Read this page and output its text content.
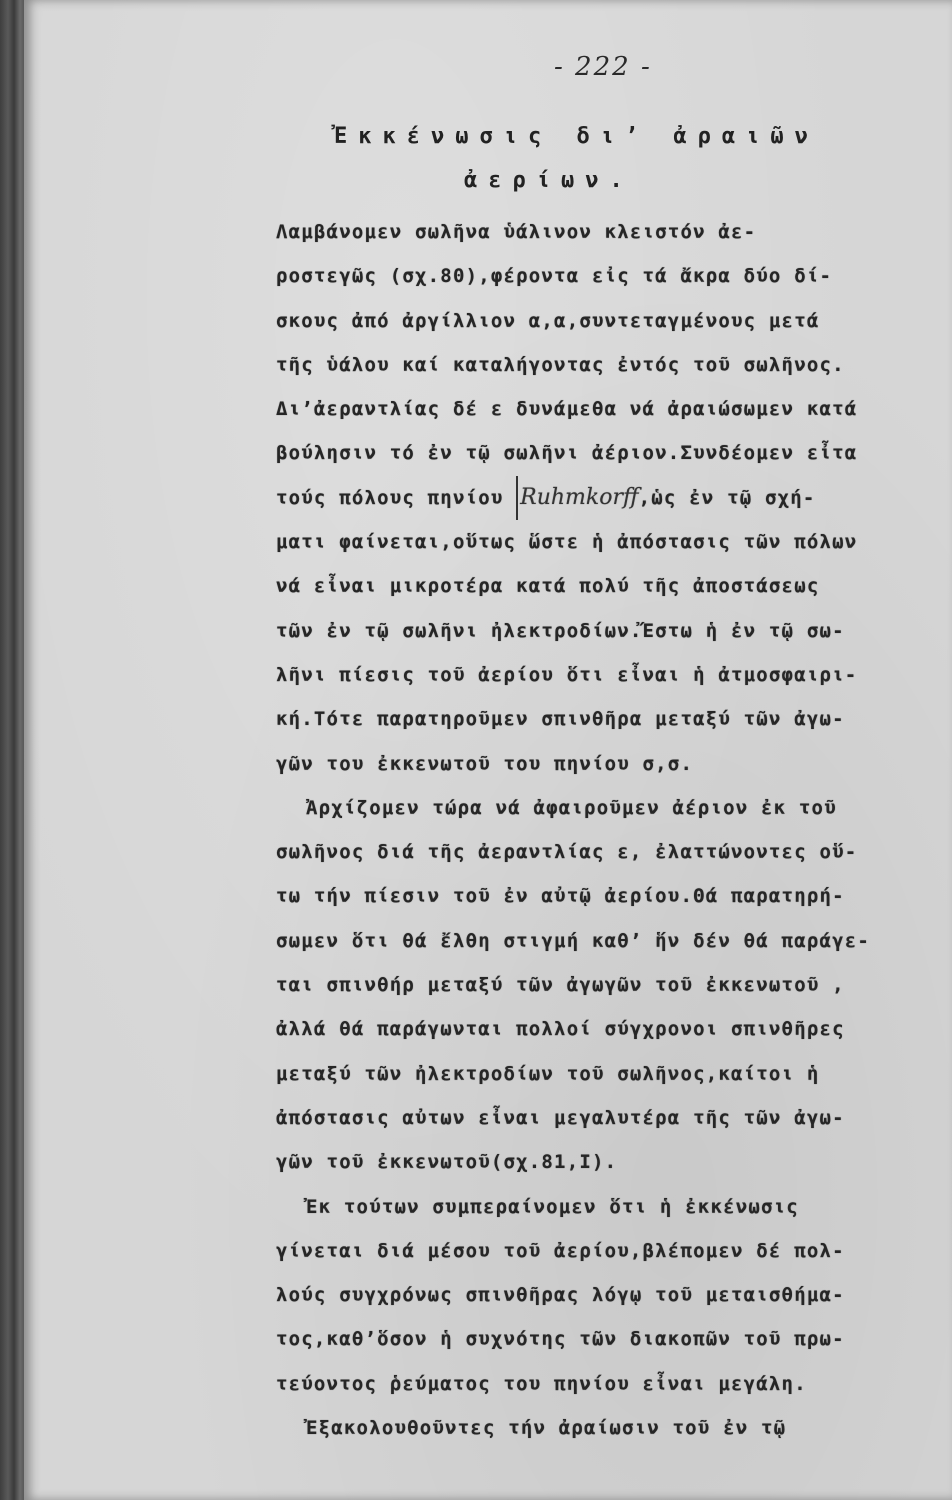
- 222 -
Ἐκκένωσις δι’ ἀραιῶν
ἀερίων.
Λαμβάνομεν σωλῆνα ὑάλινον κλειστόν ἀε-
ροστεγῶς (σχ.80),φέροντα εἰς τά ἄκρα δύο δί-
σκους ἀπό ἀργίλλιον α,α,συντεταγμένους μετά
τῆς ὑάλου καί καταλήγοντας ἐντός τοῦ σωλῆνος.
Δι’ἀεραντλίας δέ ε δυνάμεθα νά ἀραιώσωμεν κατά
βούλησιν τό ἐν τῷ σωλῆνι ἀέριον.Συνδέομεν εἶτα
τούς πόλους πηνίου Ruhmkorff,ὡς ἐν τῷ σχή-
ματι φαίνεται,οὕτως ὥστε ἡ ἀπόστασις τῶν πόλων
νά εἶναι μικροτέρα κατά πολύ τῆς ἀποστάσεως
τῶν ἐν τῷ σωλῆνι ἠλεκτροδίων.Ἔστω ἡ ἐν τῷ σω-
λῆνι πίεσις τοῦ ἀερίου ὅτι εἶναι ἡ ἀτμοσφαιρι-
κή.Τότε παρατηροῦμεν σπινθῆρα μεταξύ τῶν ἀγω-
γῶν του ἐκκενωτοῦ του πηνίου σ,σ.
Ἀρχίζομεν τώρα νά ἀφαιροῦμεν ἀέριον ἐκ τοῦ
σωλῆνος διά τῆς ἀεραντλίας ε, ἐλαττώνοντες οὕ-
τω τήν πίεσιν τοῦ ἐν αὐτῷ ἀερίου.Θά παρατηρή-
σωμεν ὅτι θά ἔλθη στιγμή καθ’ ἥν δέν θά παράγε-
ται σπινθήρ μεταξύ τῶν ἀγωγῶν τοῦ ἐκκενωτοῦ ,
ἀλλά θά παράγωνται πολλοί σύγχρονοι σπινθῆρες
μεταξύ τῶν ἠλεκτροδίων τοῦ σωλῆνος,καίτοι ἡ
ἀπόστασις αὐτων εἶναι μεγαλυτέρα τῆς τῶν ἀγω-
γῶν τοῦ ἐκκενωτοῦ(σχ.81,I).
Ἐκ τούτων συμπεραίνομεν ὅτι ἡ ἐκκένωσις
γίνεται διά μέσου τοῦ ἀερίου,βλέπομεν δέ πολ-
λούς συγχρόνως σπινθῆρας λόγῳ τοῦ μεταισθήμα-
τος,καθ’ὅσον ἡ συχνότης τῶν διακοπῶν τοῦ πρω-
τεύοντος ῥεύματος του πηνίου εἶναι μεγάλη.
Ἐξακολουθοῦντες τήν ἀραίωσιν τοῦ ἐν τῷ
